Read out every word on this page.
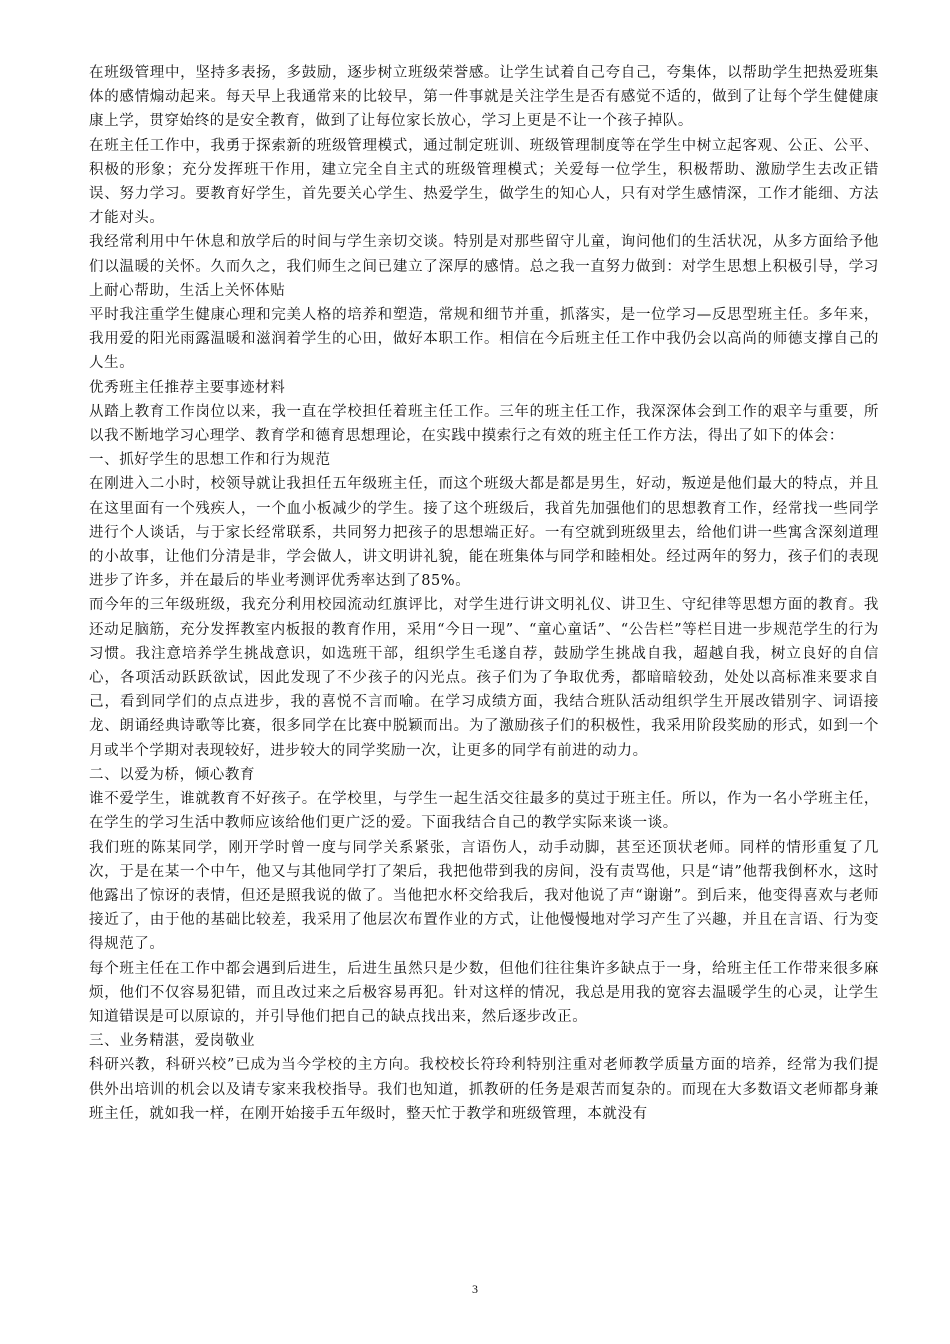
在班级管理中，坚持多表扬，多鼓励，逐步树立班级荣誉感。让学生试着自己夸自己，夸集体，以帮助学生把热爱班集体的感情煽动起来。每天早上我通常来的比较早，第一件事就是关注学生是否有感觉不适的，做到了让每个学生健健康康上学，贯穿始终的是安全教育，做到了让每位家长放心，学习上更是不让一个孩子掉队。

在班主任工作中，我勇于探索新的班级管理模式，通过制定班训、班级管理制度等在学生中树立起客观、公正、公平、积极的形象；充分发挥班干作用，建立完全自主式的班级管理模式；关爱每一位学生，积极帮助、激励学生去改正错误、努力学习。要教育好学生，首先要关心学生、热爱学生，做学生的知心人，只有对学生感情深，工作才能细、方法才能对头。

我经常利用中午休息和放学后的时间与学生亲切交谈。特别是对那些留守儿童，询问他们的生活状况，从多方面给予他们以温暖的关怀。久而久之，我们师生之间已建立了深厚的感情。总之我一直努力做到：对学生思想上积极引导，学习上耐心帮助，生活上关怀体贴

平时我注重学生健康心理和完美人格的培养和塑造，常规和细节并重，抓落实，是一位学习—反思型班主任。多年来，我用爱的阳光雨露温暖和滋润着学生的心田，做好本职工作。相信在今后班主任工作中我仍会以高尚的师德支撑自己的人生。

优秀班主任推荐主要事迹材料

从踏上教育工作岗位以来，我一直在学校担任着班主任工作。三年的班主任工作，我深深体会到工作的艰辛与重要，所以我不断地学习心理学、教育学和德育思想理论，在实践中摸索行之有效的班主任工作方法，得出了如下的体会：

一、抓好学生的思想工作和行为规范

在刚进入二小时，校领导就让我担任五年级班主任，而这个班级大都是都是男生，好动，叛逆是他们最大的特点，并且在这里面有一个残疾人，一个血小板减少的学生。接了这个班级后，我首先加强他们的思想教育工作，经常找一些同学进行个人谈话，与于家长经常联系，共同努力把孩子的思想端正好。一有空就到班级里去，给他们讲一些寓含深刻道理的小故事，让他们分清是非，学会做人，讲文明讲礼貌，能在班集体与同学和睦相处。经过两年的努力，孩子们的表现进步了许多，并在最后的毕业考测评优秀率达到了85%。

而今年的三年级班级，我充分利用校园流动红旗评比，对学生进行讲文明礼仪、讲卫生、守纪律等思想方面的教育。我还动足脑筋，充分发挥教室内板报的教育作用，采用“今日一现”、“童心童话”、“公告栏”等栏目进一步规范学生的行为习惯。我注意培养学生挑战意识，如选班干部，组织学生毛遂自荐，鼓励学生挑战自我，超越自我，树立良好的自信心，各项活动跃跃欲试，因此发现了不少孩子的闪光点。孩子们为了争取优秀，都暗暗较劲，处处以高标准来要求自己，看到同学们的点点进步，我的喜悦不言而喻。在学习成绩方面，我结合班队活动组织学生开展改错别字、词语接龙、朗诵经典诗歌等比赛，很多同学在比赛中脱颖而出。为了激励孩子们的积极性，我采用阶段奖励的形式，如到一个月或半个学期对表现较好，进步较大的同学奖励一次，让更多的同学有前进的动力。

二、以爱为桥，倾心教育

谁不爱学生，谁就教育不好孩子。在学校里，与学生一起生活交往最多的莫过于班主任。所以，作为一名小学班主任，在学生的学习生活中教师应该给他们更广泛的爱。下面我结合自己的教学实际来谈一谈。

我们班的陈某同学，刚开学时曾一度与同学关系紧张，言语伤人，动手动脚，甚至还顶状老师。同样的情形重复了几次，于是在某一个中午，他又与其他同学打了架后，我把他带到我的房间，没有责骂他，只是“请”他帮我倒杯水，这时他露出了惊讶的表情，但还是照我说的做了。当他把水杯交给我后，我对他说了声“谢谢”。到后来，他变得喜欢与老师接近了，由于他的基础比较差，我采用了他层次布置作业的方式，让他慢慢地对学习产生了兴趣，并且在言语、行为变得规范了。

每个班主任在工作中都会遇到后进生，后进生虽然只是少数，但他们往往集许多缺点于一身，给班主任工作带来很多麻烦，他们不仅容易犯错，而且改过来之后极容易再犯。针对这样的情况，我总是用我的宽容去温暖学生的心灵，让学生知道错误是可以原谅的，并引导他们把自己的缺点找出来，然后逐步改正。

三、业务精湛，爱岗敬业

科研兴教，科研兴校”已成为当今学校的主方向。我校校长符玲利特别注重对老师教学质量方面的培养，经常为我们提供外出培训的机会以及请专家来我校指导。我们也知道，抓教研的任务是艰苦而复杂的。而现在大多数语文老师都身兼班主任，就如我一样，在刚开始接手五年级时，整天忙于教学和班级管理，本就没有

3
